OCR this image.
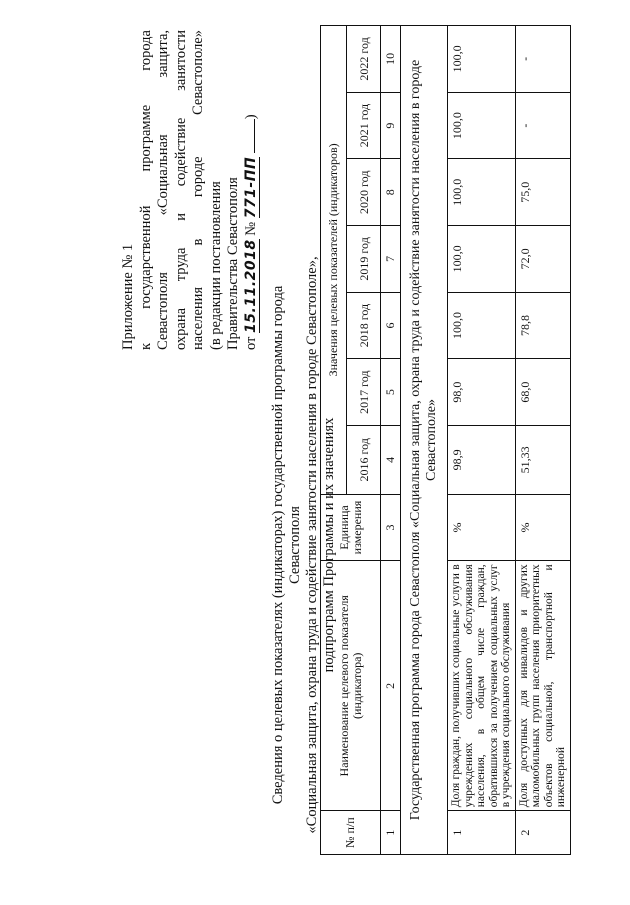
Приложение № 1 к государственной программе города Севастополя «Социальная защита, охрана труда и содействие занятости населения в городе Севастополе» (в редакции постановления Правительства Севастополя от 15.11.2018 № 771-ПП )
Сведения о целевых показателях (индикаторах) государственной программы города Севастополя «Социальная защита, охрана труда и содействие занятости населения в городе Севастополе», подпрограмм Программы и их значениях
№ п/п	Наименование целевого показателя (индикатора)	Единица измерения	Значения целевых показателей (индикаторов)						
			2016 год	2017 год	2018 год	2019 год	2020 год	2021 год	2022 год
1	2	3	4	5	6	7	8	9	10
Государственная программа города Севастополя «Социальная защита, охрана труда и содействие занятости населения в городе Севастополе»									
1	Доля граждан, получивших социальные услуги в учреждениях социального обслуживания населения, в общем числе граждан, обратившихся за получением социальных услуг в учреждения социального обслуживания	%	98,9	98,0	100,0	100,0	100,0	100,0	100,0
2	Доля доступных для инвалидов и других маломобильных групп населения приоритетных объектов социальной, транспортной и инженерной	%	51,33	68,0	78,8	72,0	75,0	-	-
